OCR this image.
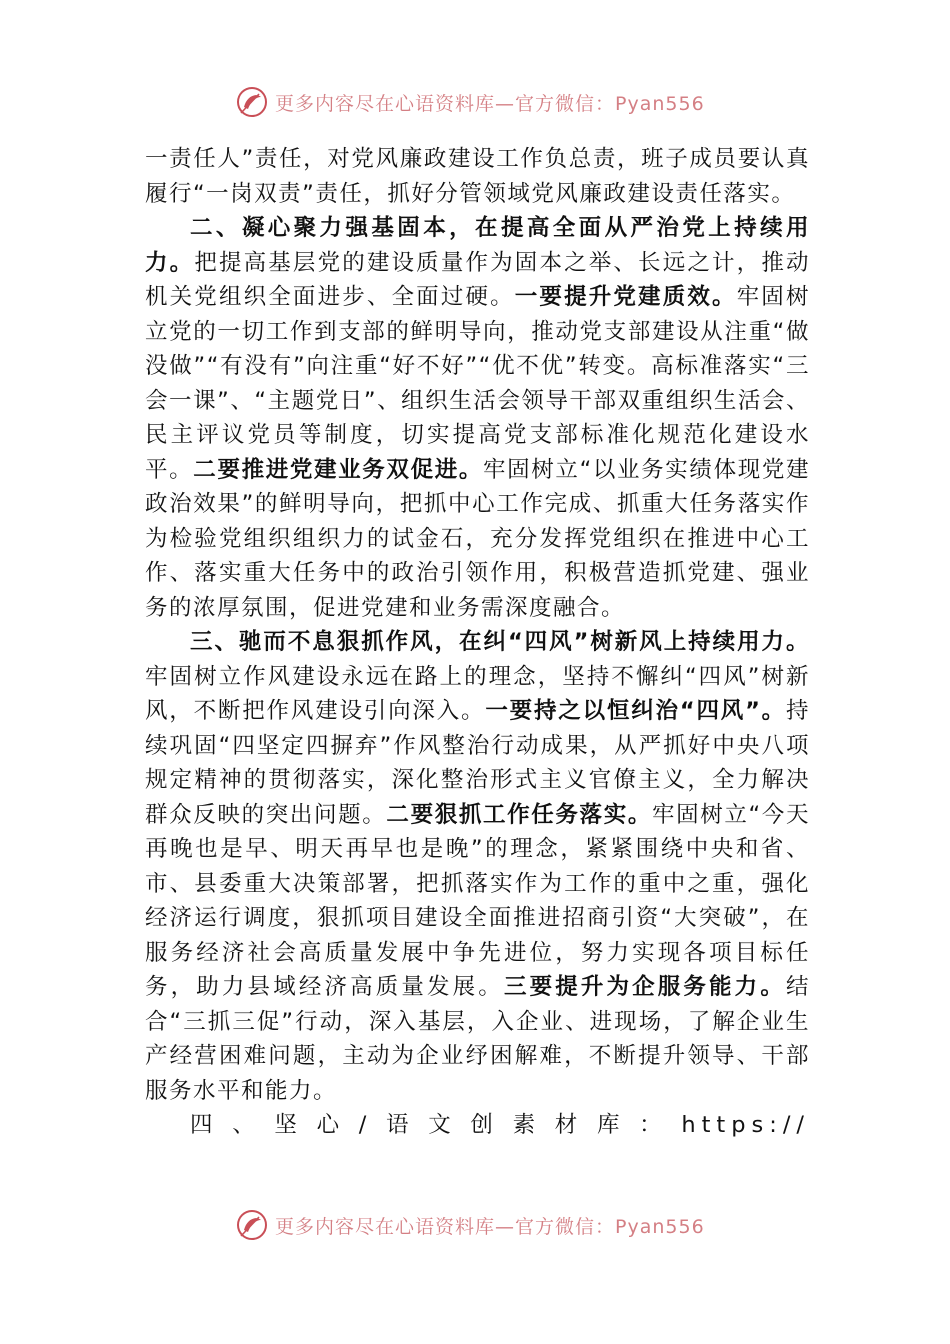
更多内容尽在心语资料库—官方微信：Pyan556

一责任人”责任，对党风廉政建设工作负总责，班子成员要认真履行“一岗双责”责任，抓好分管领域党风廉政建设责任落实。

二、凝心聚力强基固本，在提高全面从严治党上持续用力。把提高基层党的建设质量作为固本之举、长远之计，推动机关党组织全面进步、全面过硬。一要提升党建质效。牢固树立党的一切工作到支部的鲜明导向，推动党支部建设从注重“做没做”“有没有”向注重“好不好”“优不优”转变。高标准落实“三会一课”、“主题党日”、组织生活会领导干部双重组织生活会、民主评议党员等制度，切实提高党支部标准化规范化建设水平。二要推进党建业务双促进。牢固树立“以业务实绩体现党建政治效果”的鲜明导向，把抓中心工作完成、抓重大任务落实作为检验党组织组织力的试金石，充分发挥党组织在推进中心工作、落实重大任务中的政治引领作用，积极营造抓党建、强业务的浓厚氛围，促进党建和业务需深度融合。

三、驰而不息狠抓作风，在纠“四风”树新风上持续用力。牢固树立作风建设永远在路上的理念，坚持不懈纠“四风”树新风，不断把作风建设引向深入。一要持之以恒纠治“四风”。持续巩固“四坚定四摒弃”作风整治行动成果，从严抓好中央八项规定精神的贯彻落实，深化整治形式主义官僚主义，全力解决群众反映的突出问题。二要狠抓工作任务落实。牢固树立“今天再晚也是早、明天再早也是晚”的理念，紧紧围绕中央和省、市、县委重大决策部署，把抓落实作为工作的重中之重，强化经济运行调度，狠抓项目建设全面推进招商引资“大突破”，在服务经济社会高质量发展中争先进位，努力实现各项目标任务，助力县域经济高质量发展。三要提升为企服务能力。结合“三抓三促”行动，深入基层，入企业、进现场，了解企业生产经营困难问题，主动为企业纾困解难，不断提升领导、干部服务水平和能力。

四、坚心/语文创素材库：https://

更多内容尽在心语资料库—官方微信：Pyan556
